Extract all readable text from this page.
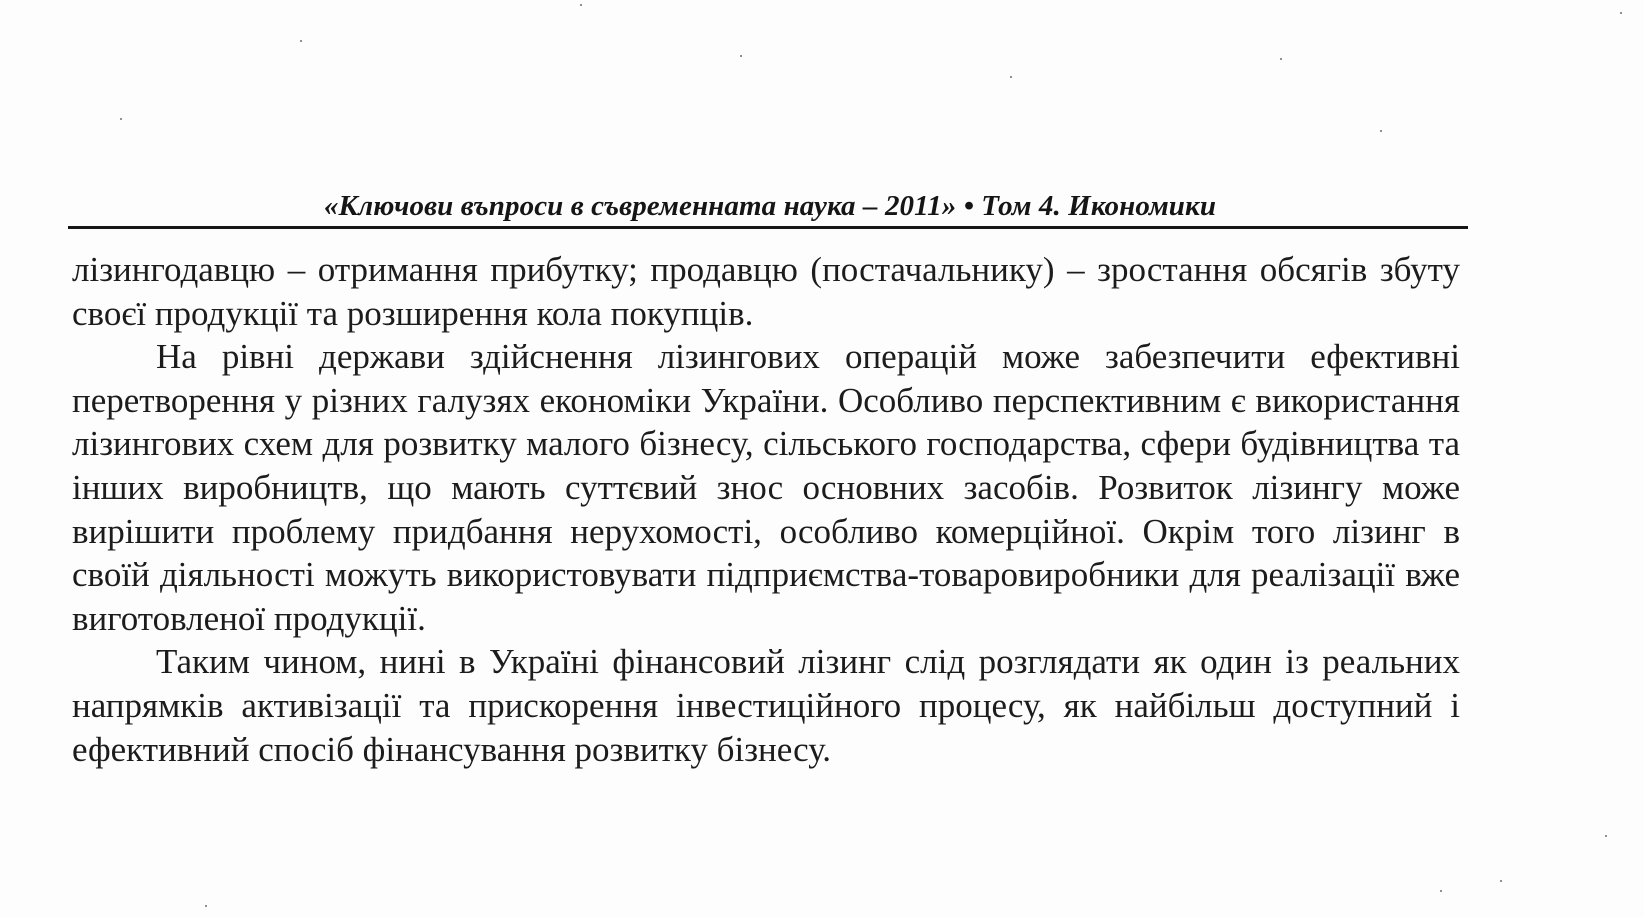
«Ключови въпроси в съвременната наука – 2011» • Том 4. Икономики

лізингодавцю – отримання прибутку; продавцю (постачальнику) – зростання обсягів збуту своєї продукції та розширення кола покупців.

На рівні держави здійснення лізингових операцій може забезпечити ефективні перетворення у різних галузях економіки України. Особливо перспективним є використання лізингових схем для розвитку малого бізнесу, сільського господарства, сфери будівництва та інших виробництв, що мають суттєвий знос основних засобів. Розвиток лізингу може вирішити проблему придбання нерухомості, особливо комерційної. Окрім того лізинг в своїй діяльності можуть використовувати підприємства-товаровиробники для реалізації вже виготовленої продукції.

Таким чином, нині в Україні фінансовий лізинг слід розглядати як один із реальних напрямків активізації та прискорення інвестиційного процесу, як найбільш доступний і ефективний спосіб фінансування розвитку бізнесу.
